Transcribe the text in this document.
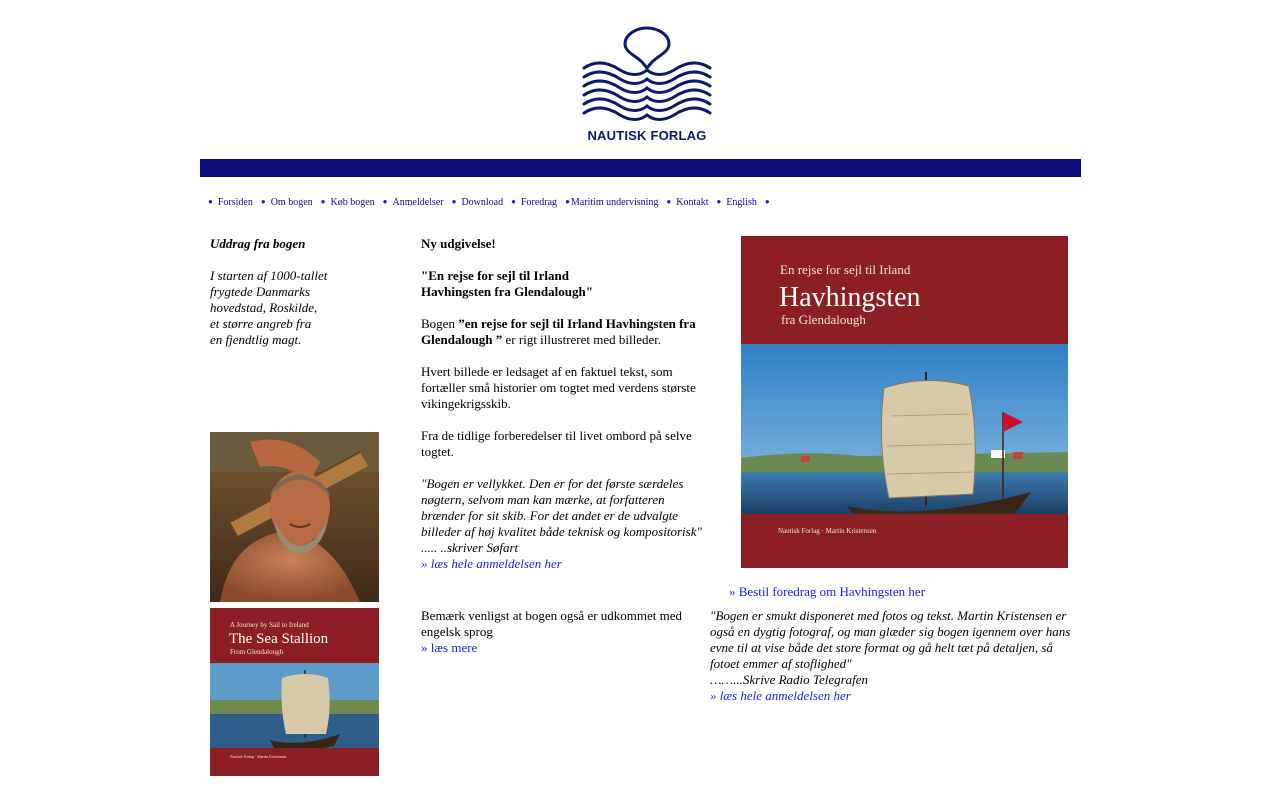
NAUTISK FORLAG
● Forsiden ● Om bogen ● Køb bogen ● Anmeldelser ● Download ● Foredrag ● Maritim undervisning ● Kontakt ● English ●
Uddrag fra bogen
I starten af 1000-tallet
frygtede Danmarks
hovedstad, Roskilde,
et større angreb fra
en fjendtlig magt.
A Journey by Sail to Ireland
The Sea Stallion
From Glendalough
Nautisk Forlag · Martin Kristensen

Ny udgivelse!

"En rejse for sejl til Irland
Havhingsten fra Glendalough"

Bogen ”en rejse for sejl til Irland Havhingsten fra Glendalough ” er rigt illustreret med billeder.

Hvert billede er ledsaget af en faktuel tekst, som fortæller små historier om togtet med verdens største vikingekrigsskib.

Fra de tidlige forberedelser til livet ombord på selve togtet.

"Bogen er vellykket. Den er for det første særdeles nøgtern, selvom man kan mærke, at forfatteren brænder for sit skib. For det andet er de udvalgte billeder af høj kvalitet både teknisk og kompositorisk"
..... ..skriver Søfart
» læs hele anmeldelsen her

Bemærk venligst at bogen også er udkommet med engelsk sprog
» læs mere
En rejse for sejl til Irland
Havhingsten
fra Glendalough
Nautisk Forlag · Martin Kristensen
» Bestil foredrag om Havhingsten her
"Bogen er smukt disponeret med fotos og tekst. Martin Kristensen er også en dygtig fotograf, og man glæder sig bogen igennem over hans evne til at vise både det store format og gå helt tæt på detaljen, så fotoet emmer af stoflighed"
……...Skrive Radio Telegrafen
» læs hele anmeldelsen her
